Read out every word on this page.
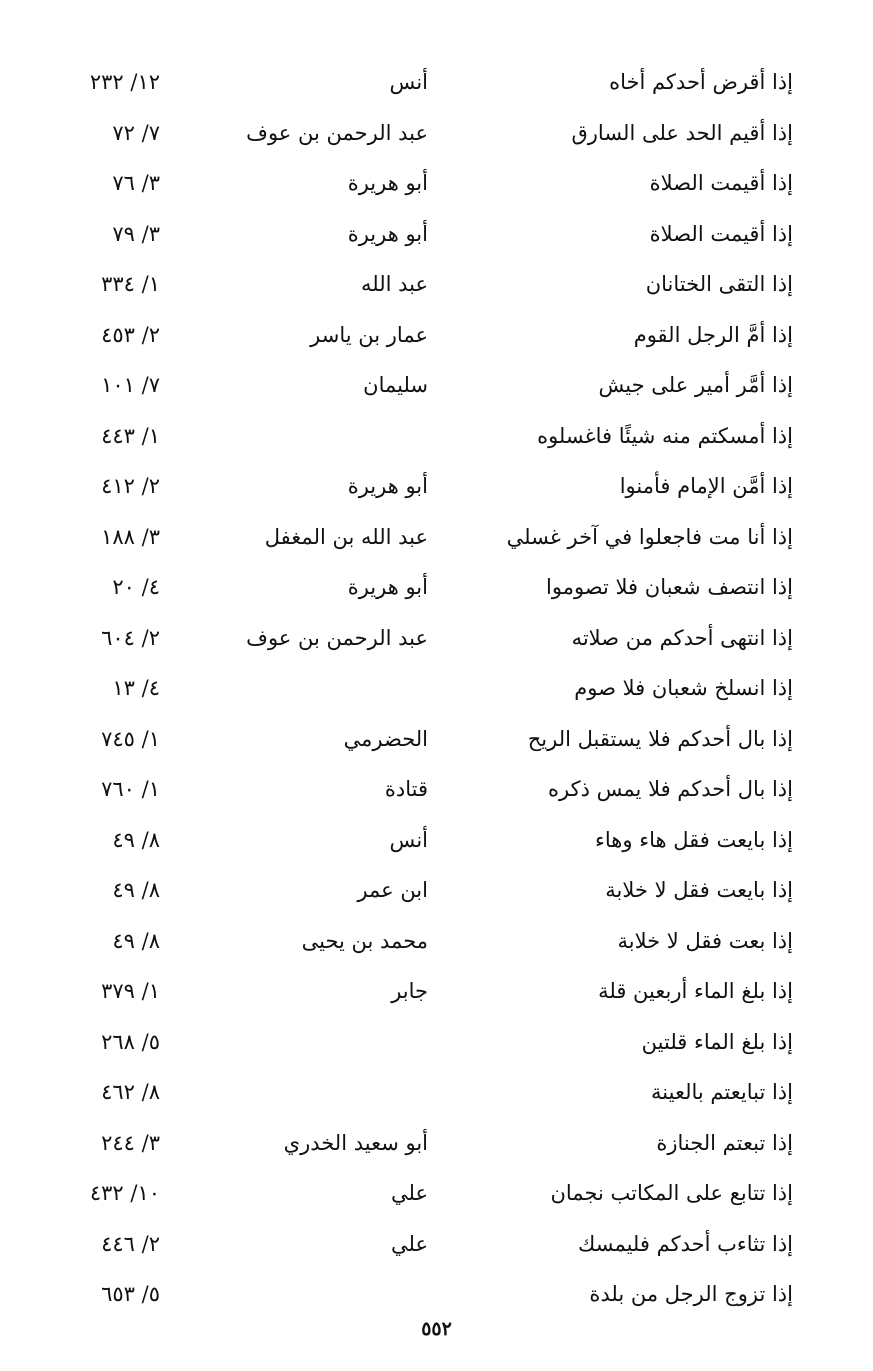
إذا أقرض أحدكم أخاه
أنس
١٢/ ٢٣٢
إذا أقيم الحد على السارق
عبد الرحمن بن عوف
٧/ ٧٢
إذا أقيمت الصلاة
أبو هريرة
٣/ ٧٦
إذا أقيمت الصلاة
أبو هريرة
٣/ ٧٩
إذا التقى الختانان
عبد الله
١/ ٣٣٤
إذا أمَّ الرجل القوم
عمار بن ياسر
٢/ ٤٥٣
إذا أمَّر أمير على جيش
سليمان
٧/ ١٠١
إذا أمسكتم منه شيئًا فاغسلوه
١/ ٤٤٣
إذا أمَّن الإمام فأمنوا
أبو هريرة
٢/ ٤١٢
إذا أنا مت فاجعلوا في آخر غسلي
عبد الله بن المغفل
٣/ ١٨٨
إذا انتصف شعبان فلا تصوموا
أبو هريرة
٤/ ٢٠
إذا انتهى أحدكم من صلاته
عبد الرحمن بن عوف
٢/ ٦٠٤
إذا انسلخ شعبان فلا صوم
٤/ ١٣
إذا بال أحدكم فلا يستقبل الريح
الحضرمي
١/ ٧٤٥
إذا بال أحدكم فلا يمس ذكره
قتادة
١/ ٧٦٠
إذا بايعت فقل هاء وهاء
أنس
٨/ ٤٩
إذا بايعت فقل لا خلابة
ابن عمر
٨/ ٤٩
إذا بعت فقل لا خلابة
محمد بن يحيى
٨/ ٤٩
إذا بلغ الماء أربعين قلة
جابر
١/ ٣٧٩
إذا بلغ الماء قلتين
٥/ ٢٦٨
إذا تبايعتم بالعينة
٨/ ٤٦٢
إذا تبعتم الجنازة
أبو سعيد الخدري
٣/ ٢٤٤
إذا تتابع على المكاتب نجمان
علي
١٠/ ٤٣٢
إذا تثاءب أحدكم فليمسك
علي
٢/ ٤٤٦
إذا تزوج الرجل من بلدة
٥/ ٦٥٣
٥٥٢
